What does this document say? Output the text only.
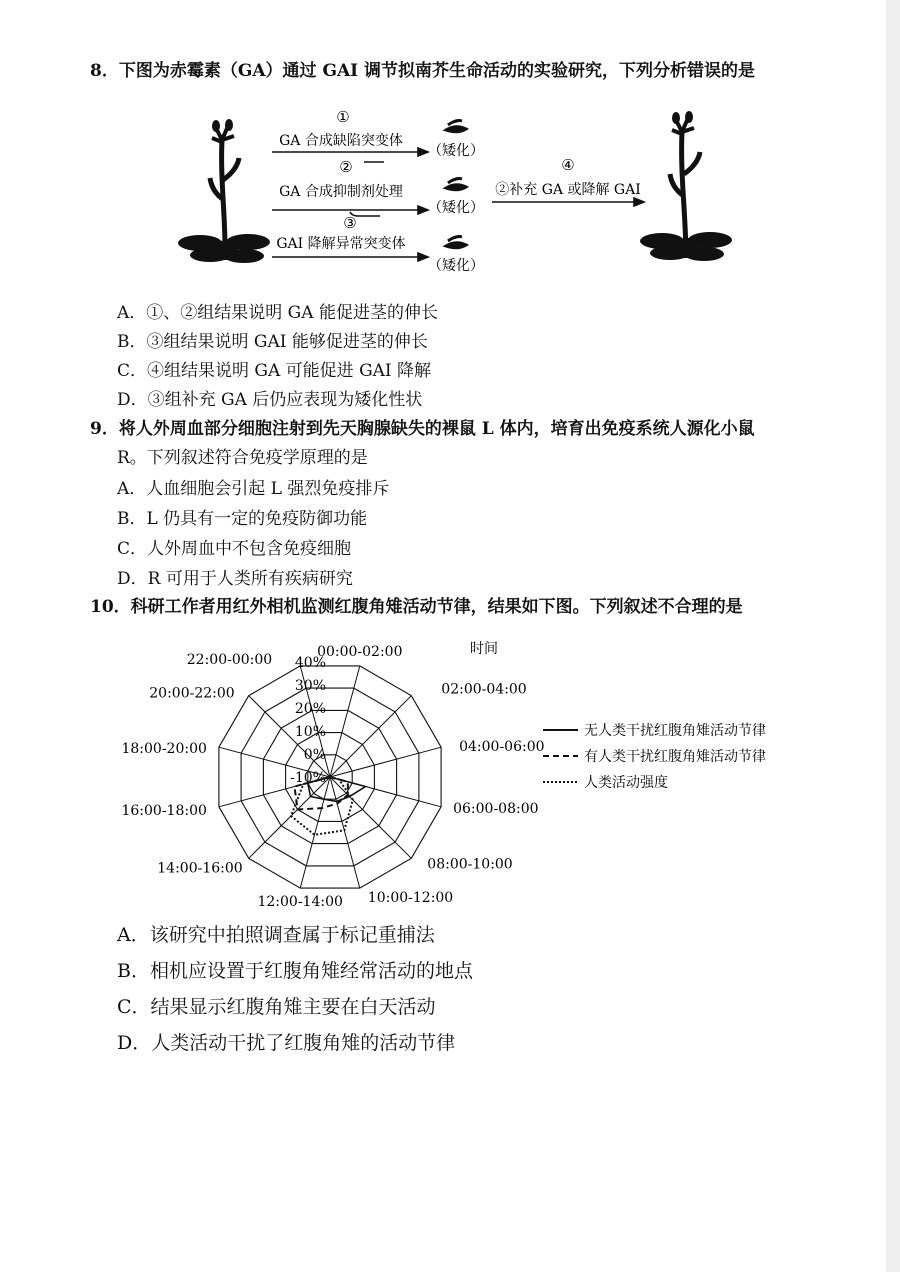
8．下图为赤霉素（GA）通过 GAI 调节拟南芥生命活动的实验研究，下列分析错误的是
①
GA 合成缺陷突变体
②
GA 合成抑制剂处理
③
GAI 降解异常突变体
（矮化）
（矮化）
（矮化）
④
②补充 GA 或降解 GAI
A．①、②组结果说明 GA 能促进茎的伸长
B．③组结果说明 GAI 能够促进茎的伸长
C．④组结果说明 GA 可能促进 GAI 降解
D．③组补充 GA 后仍应表现为矮化性状
9．将人外周血部分细胞注射到先天胸腺缺失的裸鼠 L 体内，培育出免疫系统人源化小鼠
R。下列叙述符合免疫学原理的是
A．人血细胞会引起 L 强烈免疫排斥
B．L 仍具有一定的免疫防御功能
C．人外周血中不包含免疫细胞
D．R 可用于人类所有疾病研究
10．科研工作者用红外相机监测红腹角雉活动节律，结果如下图。下列叙述不合理的是
-10%
0%
10%
20%
30%
40%
00:00-02:00
02:00-04:00
04:00-06:00
06:00-08:00
08:00-10:00
10:00-12:00
12:00-14:00
14:00-16:00
16:00-18:00
18:00-20:00
20:00-22:00
22:00-00:00
时间
无人类干扰红腹角雉活动节律
有人类干扰红腹角雉活动节律
人类活动强度
A．该研究中拍照调查属于标记重捕法
B．相机应设置于红腹角雉经常活动的地点
C．结果显示红腹角雉主要在白天活动
D．人类活动干扰了红腹角雉的活动节律
